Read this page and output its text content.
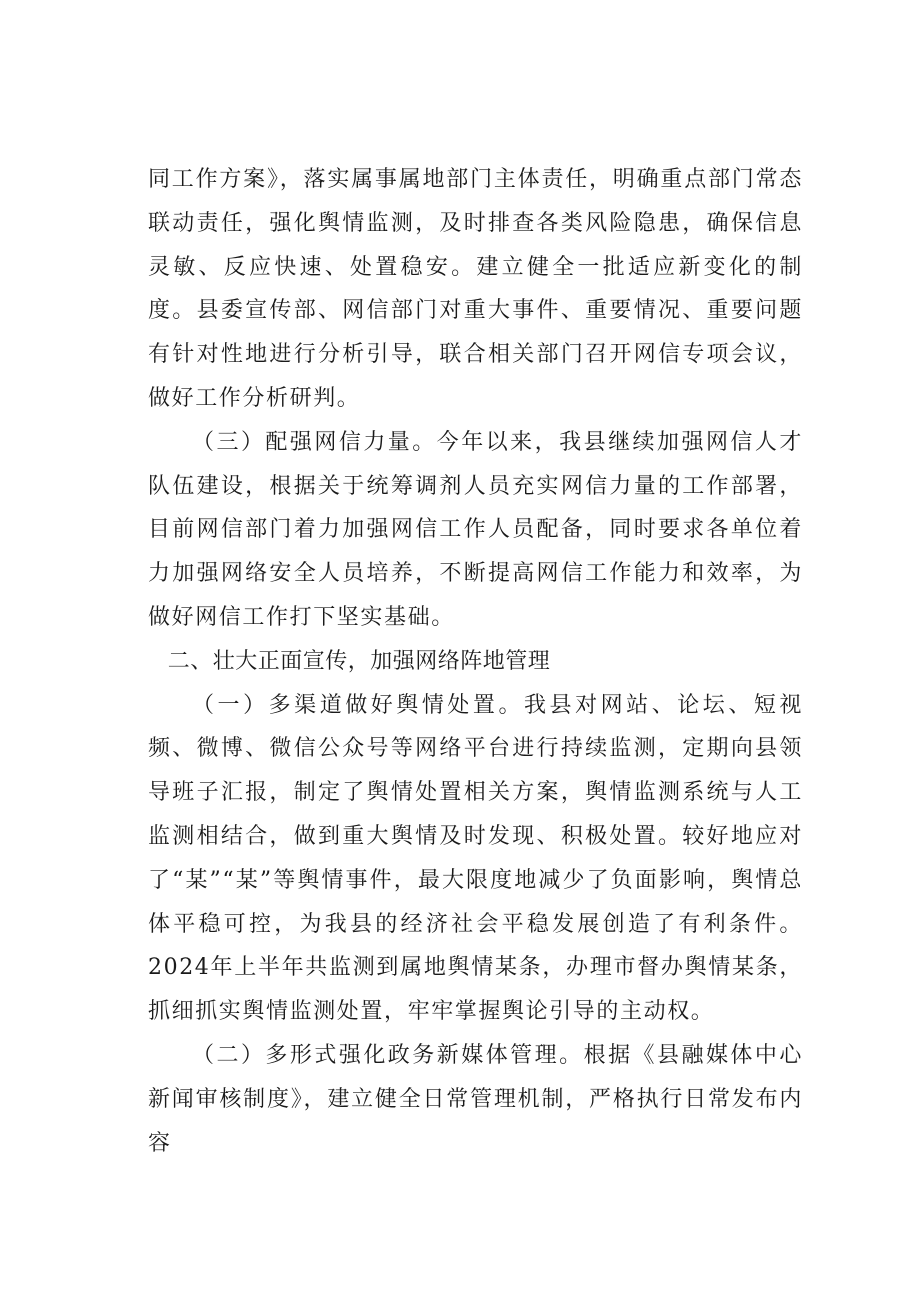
同工作方案》，落实属事属地部门主体责任，明确重点部门常态联动责任，强化舆情监测，及时排查各类风险隐患，确保信息灵敏、反应快速、处置稳安。建立健全一批适应新变化的制度。县委宣传部、网信部门对重大事件、重要情况、重要问题有针对性地进行分析引导，联合相关部门召开网信专项会议，做好工作分析研判。

（三）配强网信力量。今年以来，我县继续加强网信人才队伍建设，根据关于统筹调剂人员充实网信力量的工作部署，目前网信部门着力加强网信工作人员配备，同时要求各单位着力加强网络安全人员培养，不断提高网信工作能力和效率，为做好网信工作打下坚实基础。

二、壮大正面宣传，加强网络阵地管理

（一）多渠道做好舆情处置。我县对网站、论坛、短视频、微博、微信公众号等网络平台进行持续监测，定期向县领导班子汇报，制定了舆情处置相关方案，舆情监测系统与人工监测相结合，做到重大舆情及时发现、积极处置。较好地应对了“某”“某”等舆情事件，最大限度地减少了负面影响，舆情总体平稳可控，为我县的经济社会平稳发展创造了有利条件。2024年上半年共监测到属地舆情某条，办理市督办舆情某条，抓细抓实舆情监测处置，牢牢掌握舆论引导的主动权。

（二）多形式强化政务新媒体管理。根据《县融媒体中心新闻审核制度》，建立健全日常管理机制，严格执行日常发布内容
